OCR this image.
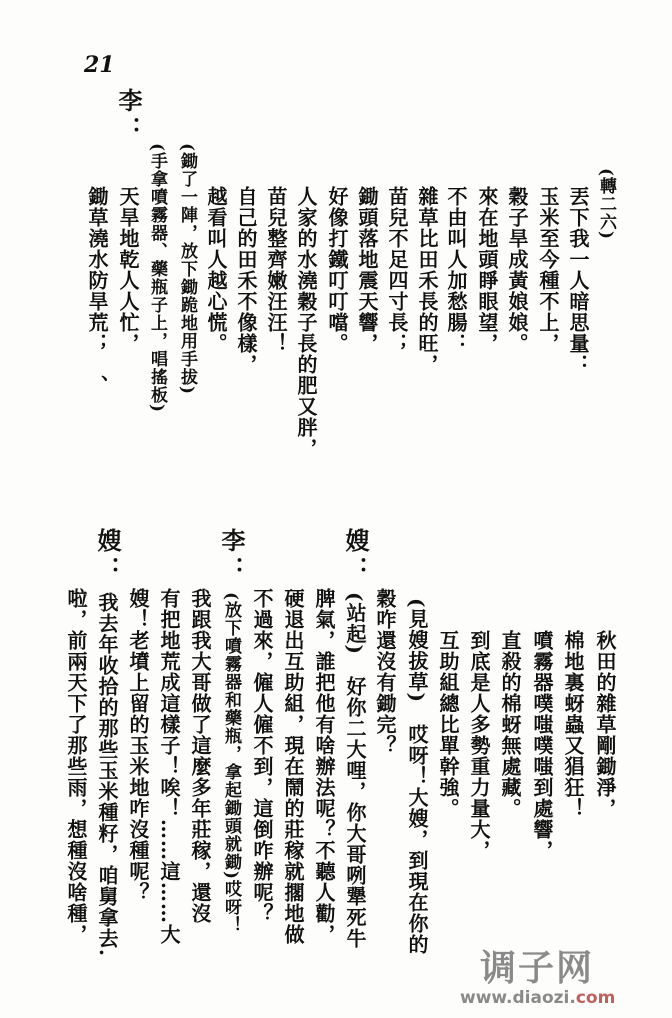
21
(轉二六)
丟下我一人暗思量：
玉米至今種不上，
穀子旱成黃娘娘。
來在地頭睜眼望，
不由叫人加愁腸：
雜草比田禾長的旺，
苗兒不足四寸長；
鋤頭落地震天響，
好像打鐵叮叮噹。
人家的水澆穀子長的肥又胖，
苗兒整齊嫩汪汪！
自己的田禾不像樣，
越看叫人越心慌。
(鋤了一陣，放下鋤跪地用手拔)
(手拿噴霧器、藥瓶子上，唱搖板)
天旱地乾人人忙，
鋤草澆水防旱荒；　、
秋田的雜草剛鋤淨，
棉地裏蚜蟲又猖狂！
噴霧器噗嗤噗嗤到處響，
直殺的棉蚜無處藏。
到底是人多勢重力量大，
互助組總比單幹強。
(見嫂拔草)　哎呀！大嫂，到現在你的
穀咋還沒有鋤完？
(站起)　好你二大哩，你大哥咧犟死牛
脾氣，誰把他有啥辦法呢？不聽人勸，
硬退出互助組，現在鬧的莊稼就擱地做
不過來，僱人僱不到，這倒咋辦呢？
(放下噴霧器和藥瓶，拿起鋤頭就鋤)哎呀！
我跟我大哥做了這麼多年莊稼，還沒
有把地荒成這樣子！唉！……這……大
嫂！老墳上留的玉米地咋沒種呢？
我去年收拾的那些玉米種籽，咱舅拿去.
啦，前兩天下了那些雨，想種沒啥種，
李：
嫂：
李：
嫂：
调子网
www.diaozi.com
